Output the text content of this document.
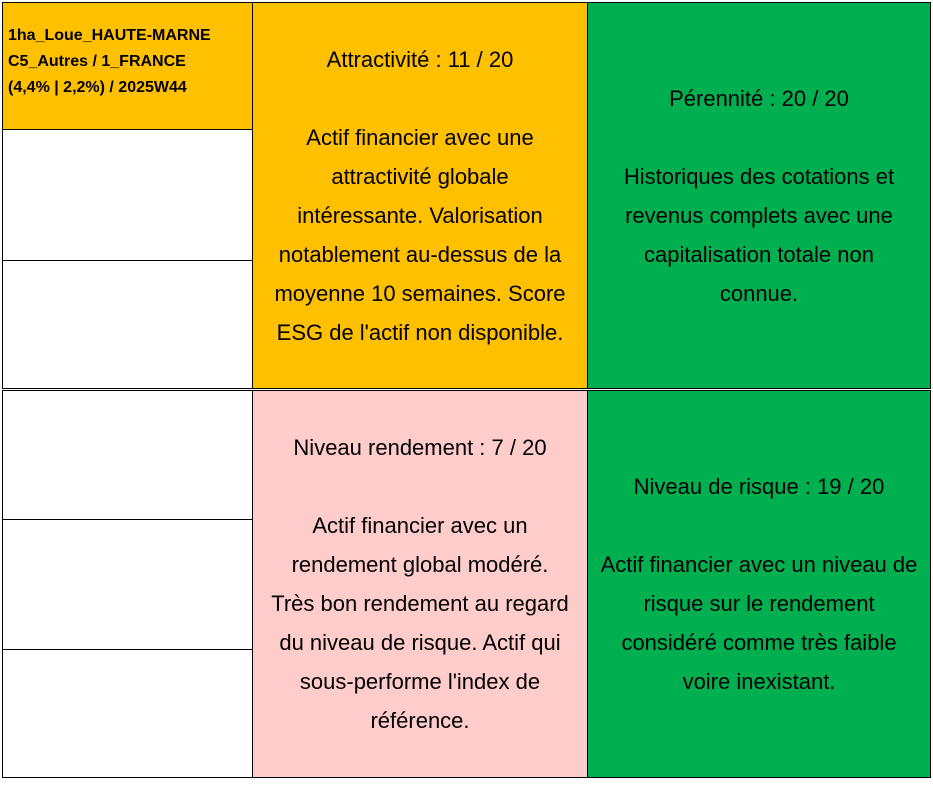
1ha_Loue_HAUTE-MARNE
C5_Autres / 1_FRANCE
(4,4% | 2,2%) / 2025W44
Attractivité : 11 / 20
Actif financier avec une
attractivité globale
intéressante. Valorisation
notablement au-dessus de la
moyenne 10 semaines. Score
ESG de l'actif non disponible.
Pérennité : 20 / 20
Historiques des cotations et
revenus complets avec une
capitalisation totale non
connue.
Niveau rendement : 7 / 20
Actif financier avec un
rendement global modéré.
Très bon rendement au regard
du niveau de risque. Actif qui
sous-performe l'index de
référence.
Niveau de risque : 19 / 20
Actif financier avec un niveau de
risque sur le rendement
considéré comme très faible
voire inexistant.
